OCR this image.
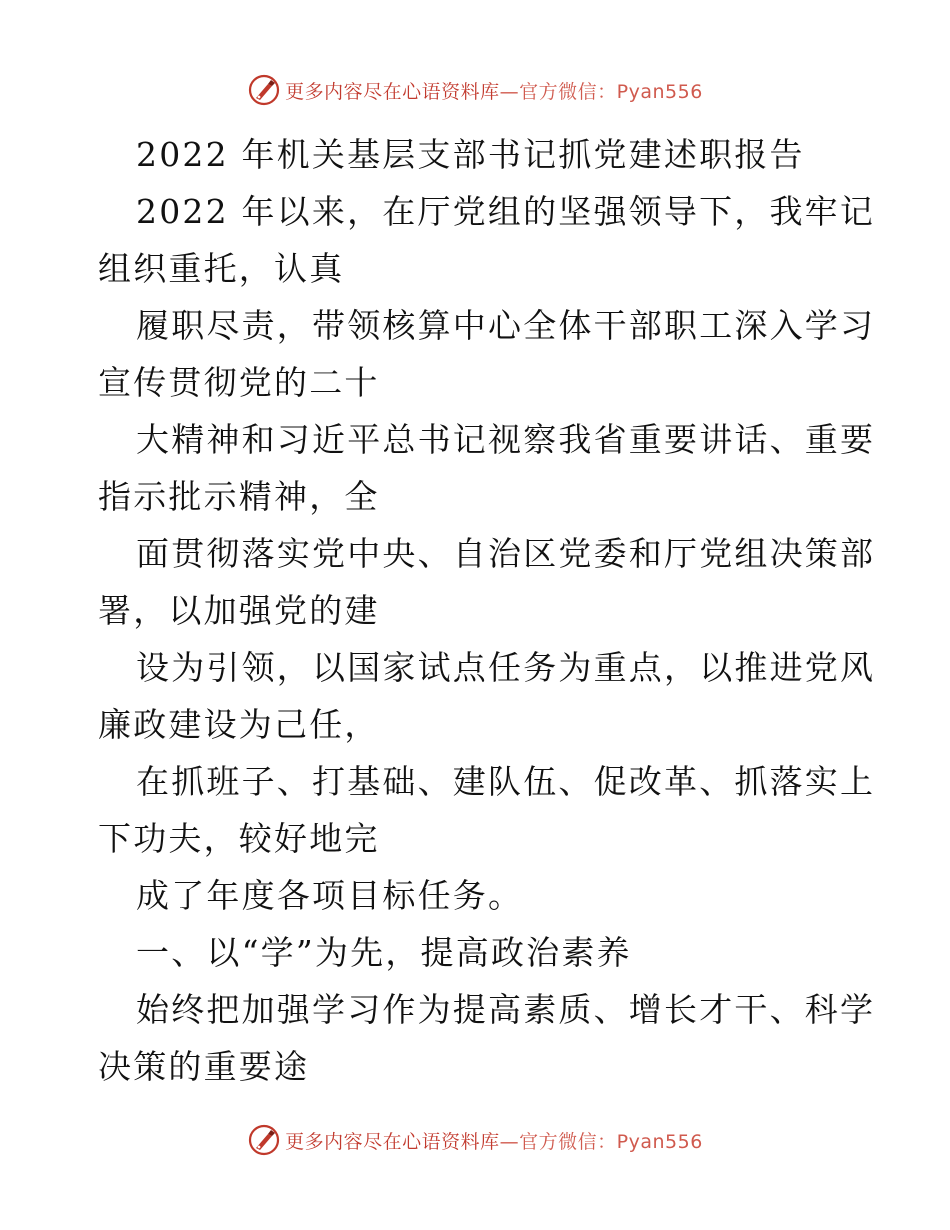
更多内容尽在心语资料库 —官方微信：Pyan556
2022 年机关基层支部书记抓党建述职报告
2022 年以来，在厅党组的坚强领导下，我牢记
组织重托，认真
履职尽责，带领核算中心全体干部职工深入学习
宣传贯彻党的二十
大精神和习近平总书记视察我省重要讲话、重要
指示批示精神，全
面贯彻落实党中央、自治区党委和厅党组决策部
署，以加强党的建
设为引领，以国家试点任务为重点，以推进党风
廉政建设为己任，
在抓班子、打基础、建队伍、促改革、抓落实上
下功夫，较好地完
成了年度各项目标任务。
一、以“学”为先，提高政治素养
始终把加强学习作为提高素质、增长才干、科学
决策的重要途
更多内容尽在心语资料库 —官方微信：Pyan556
